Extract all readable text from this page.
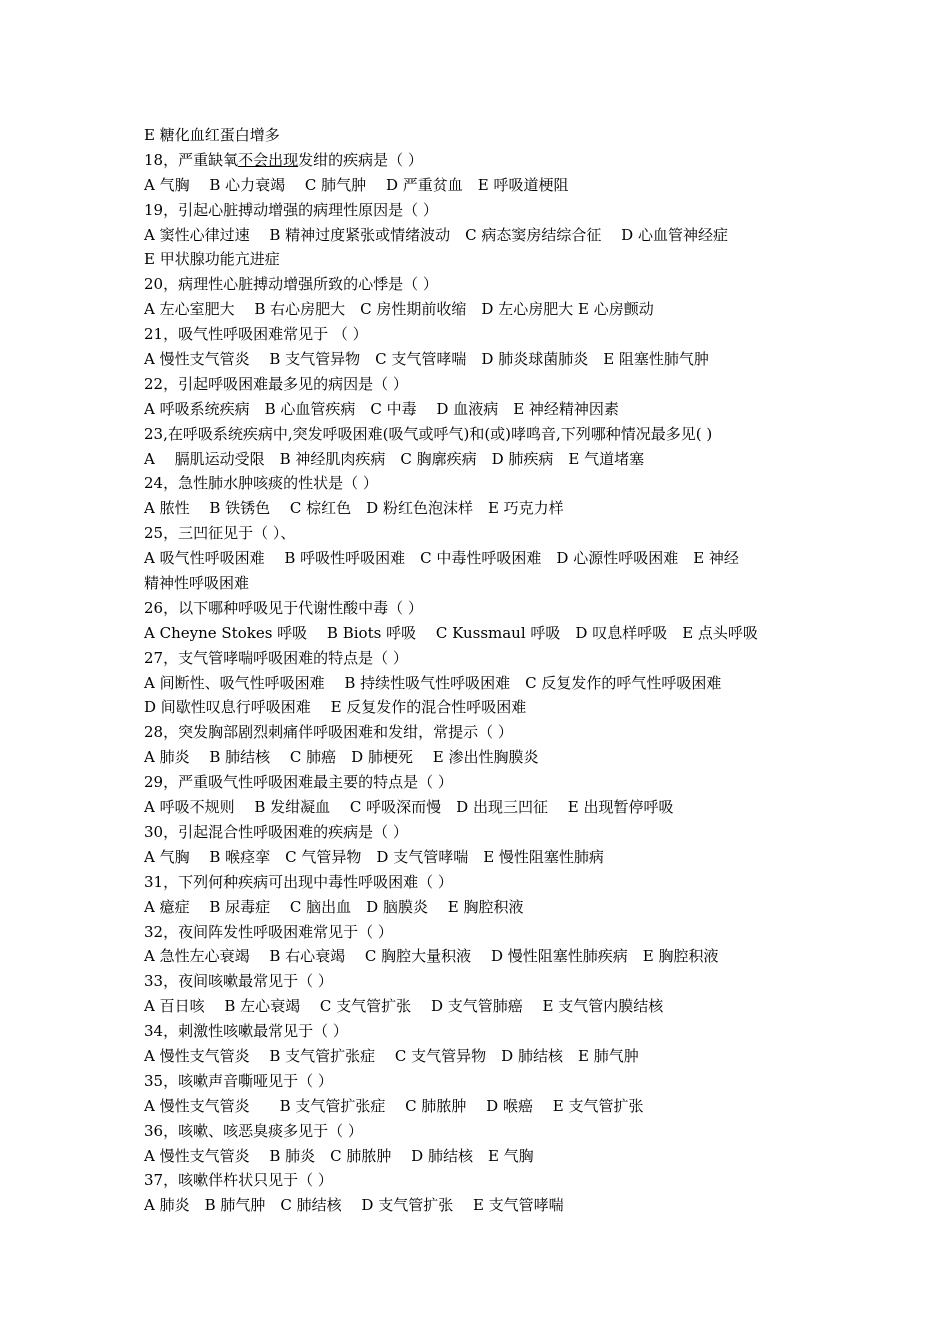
E 糖化血红蛋白增多
18，严重缺氧不会出现发绀的疾病是（ ）
A 气胸　 B 心力衰竭　 C 肺气肿　 D 严重贫血　E 呼吸道梗阻
19，引起心脏搏动增强的病理性原因是（ ）
A 窦性心律过速　 B 精神过度紧张或情绪波动　C 病态窦房结综合征　 D 心血管神经症
E 甲状腺功能亢进症
20，病理性心脏搏动增强所致的心悸是（ ）
A 左心室肥大　 B 右心房肥大　C 房性期前收缩　D 左心房肥大 E 心房颤动
21，吸气性呼吸困难常见于 （ ）
A 慢性支气管炎　 B 支气管异物　C 支气管哮喘　D 肺炎球菌肺炎　E 阻塞性肺气肿
22，引起呼吸困难最多见的病因是（ ）
A 呼吸系统疾病　B 心血管疾病　C 中毒　 D 血液病　E 神经精神因素
23,在呼吸系统疾病中,突发呼吸困难(吸气或呼气)和(或)哮鸣音,下列哪种情况最多见( )
A　 膈肌运动受限　B 神经肌肉疾病　C 胸廓疾病　D 肺疾病　E 气道堵塞
24，急性肺水肿咳痰的性状是（ ）
A 脓性　 B 铁锈色　 C 棕红色　D 粉红色泡沫样　E 巧克力样
25，三凹征见于（ ）、
A 吸气性呼吸困难　 B 呼吸性呼吸困难　C 中毒性呼吸困难　D 心源性呼吸困难　E 神经
精神性呼吸困难
26，以下哪种呼吸见于代谢性酸中毒（ ）
A Cheyne Stokes 呼吸　 B Biots 呼吸　 C Kussmaul 呼吸　D 叹息样呼吸　E 点头呼吸
27，支气管哮喘呼吸困难的特点是（ ）
A 间断性、吸气性呼吸困难　 B 持续性吸气性呼吸困难　C 反复发作的呼气性呼吸困难
D 间歇性叹息行呼吸困难　 E 反复发作的混合性呼吸困难
28，突发胸部剧烈刺痛伴呼吸困难和发绀，常提示（ ）
A 肺炎　 B 肺结核　 C 肺癌　D 肺梗死　 E 渗出性胸膜炎
29，严重吸气性呼吸困难最主要的特点是（ ）
A 呼吸不规则　 B 发绀凝血　 C 呼吸深而慢　D 出现三凹征　 E 出现暂停呼吸
30，引起混合性呼吸困难的疾病是（ ）
A 气胸　 B 喉痉挛　C 气管异物　D 支气管哮喘　E 慢性阻塞性肺病
31，下列何种疾病可出现中毒性呼吸困难（ ）
A 癔症　 B 尿毒症　 C 脑出血　D 脑膜炎　 E 胸腔积液
32，夜间阵发性呼吸困难常见于（ ）
A 急性左心衰竭　 B 右心衰竭　 C 胸腔大量积液　 D 慢性阻塞性肺疾病　E 胸腔积液
33，夜间咳嗽最常见于（ ）
A 百日咳　 B 左心衰竭　 C 支气管扩张　 D 支气管肺癌　 E 支气管内膜结核
34，刺激性咳嗽最常见于（ ）
A 慢性支气管炎　 B 支气管扩张症　 C 支气管异物　D 肺结核　E 肺气肿
35，咳嗽声音嘶哑见于（ ）
A 慢性支气管炎　　B 支气管扩张症　 C 肺脓肿　 D 喉癌　 E 支气管扩张
36，咳嗽、咳恶臭痰多见于（ ）
A 慢性支气管炎　 B 肺炎　C 肺脓肿　 D 肺结核　E 气胸
37，咳嗽伴杵状只见于（ ）
A 肺炎　B 肺气肿　C 肺结核　 D 支气管扩张　 E 支气管哮喘
